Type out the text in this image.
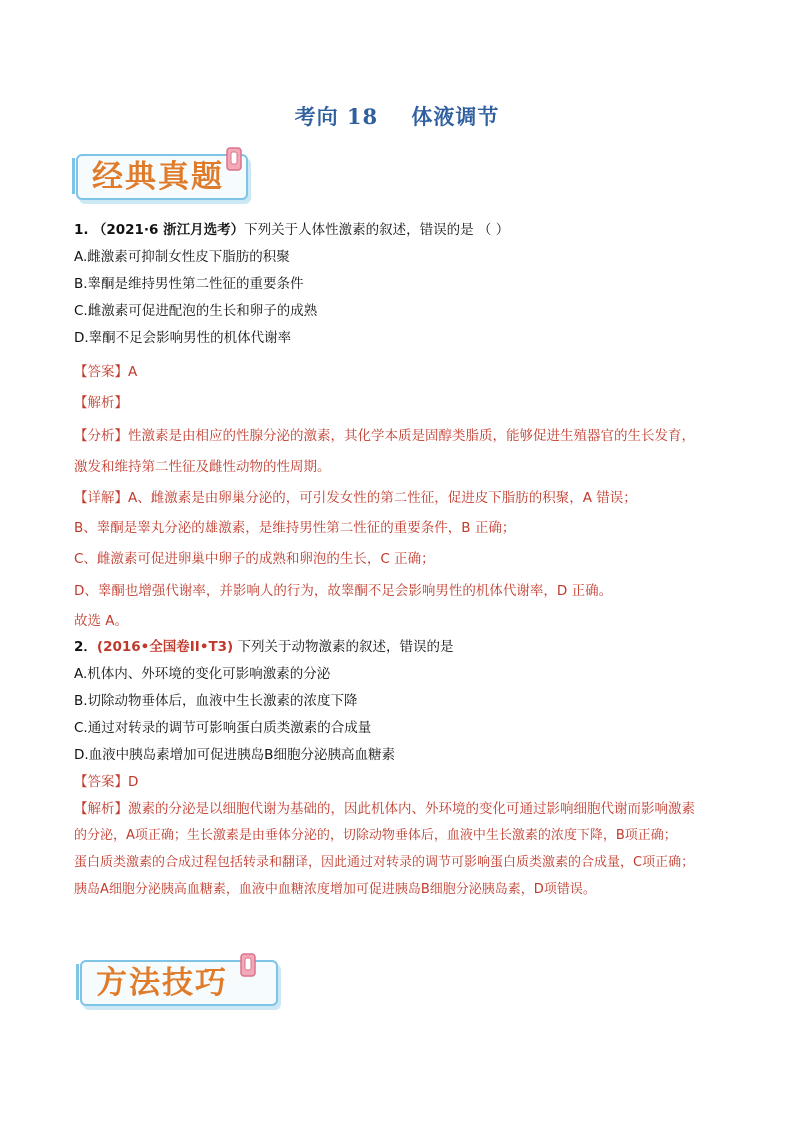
考向 18    体液调节
经典真题
1. （2021·6 浙江月选考）下列关于人体性激素的叙述，错误的是 （ ）
A.雌激素可抑制女性皮下脂肪的积聚
B.睾酮是维持男性第二性征的重要条件
C.雌激素可促进配泡的生长和卵子的成熟
D.睾酮不足会影响男性的机体代谢率
【答案】A
【解析】
【分析】性激素是由相应的性腺分泌的激素，其化学本质是固醇类脂质，能够促进生殖器官的生长发育，
激发和维持第二性征及雌性动物的性周期。
【详解】A、雌激素是由卵巢分泌的，可引发女性的第二性征，促进皮下脂肪的积聚，A 错误；
B、睾酮是睾丸分泌的雄激素，是维持男性第二性征的重要条件，B 正确；
C、雌激素可促进卵巢中卵子的成熟和卵泡的生长，C 正确；
D、睾酮也增强代谢率，并影响人的行为，故睾酮不足会影响男性的机体代谢率，D 正确。
故选 A。
2．(2016•全国卷II•T3) 下列关于动物激素的叙述，错误的是
A.机体内、外环境的变化可影响激素的分泌
B.切除动物垂体后，血液中生长激素的浓度下降
C.通过对转录的调节可影响蛋白质类激素的合成量
D.血液中胰岛素增加可促进胰岛B细胞分泌胰高血糖素
【答案】D
【解析】激素的分泌是以细胞代谢为基础的，因此机体内、外环境的变化可通过影响细胞代谢而影响激素
的分泌，A项正确；生长激素是由垂体分泌的，切除动物垂体后，血液中生长激素的浓度下降，B项正确；
蛋白质类激素的合成过程包括转录和翻译，因此通过对转录的调节可影响蛋白质类激素的合成量，C项正确；
胰岛A细胞分泌胰高血糖素，血液中血糖浓度增加可促进胰岛B细胞分泌胰岛素，D项错误。
方法技巧
